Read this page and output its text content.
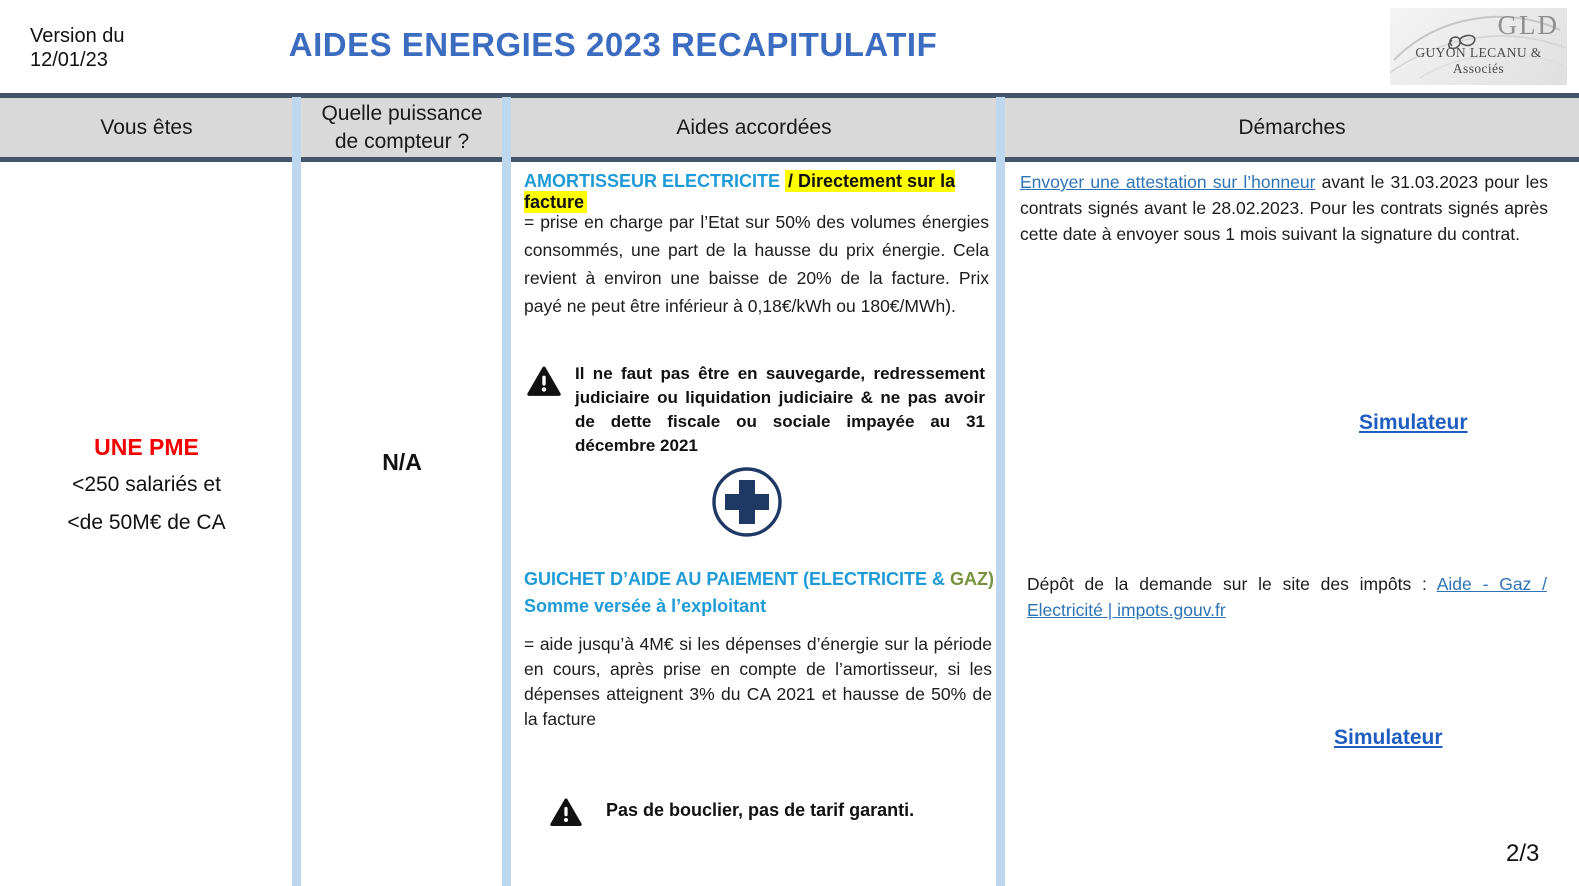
Version du
12/01/23	AIDES ENERGIES 2023 RECAPITULATIF
GLD
GUYON LECANU & Associés
Vous êtes
Quelle puissance de compteur ?
Aides accordées	Démarches
UNE PME
<250 salariés et
<de 50M€ de CA
N/A
AMORTISSEUR ELECTRICITE / Directement sur la facture
= prise en charge par l’Etat sur 50% des volumes énergies consommés, une part de la hausse du prix énergie. Cela revient à environ une baisse de 20% de la facture. Prix payé ne peut être inférieur à 0,18€/kWh ou 180€/MWh).
Il ne faut pas être en sauvegarde, redressement judiciaire ou liquidation judiciaire & ne pas avoir de dette fiscale ou sociale impayée au 31 décembre 2021
GUICHET D’AIDE AU PAIEMENT (ELECTRICITE & GAZ)
Somme versée à l’exploitant
= aide jusqu’à 4M€ si les dépenses d’énergie sur la période en cours, après prise en compte de l’amortisseur, si les dépenses atteignent 3% du CA 2021 et hausse de 50% de la facture
Pas de bouclier, pas de tarif garanti.
Envoyer une attestation sur l’honneur avant le 31.03.2023 pour les contrats signés avant le 28.02.2023. Pour les contrats signés après cette date à envoyer sous 1 mois suivant la signature du contrat.
Simulateur
Dépôt de la demande sur le site des impôts : Aide - Gaz / Electricité | impots.gouv.fr
Simulateur
2/3
